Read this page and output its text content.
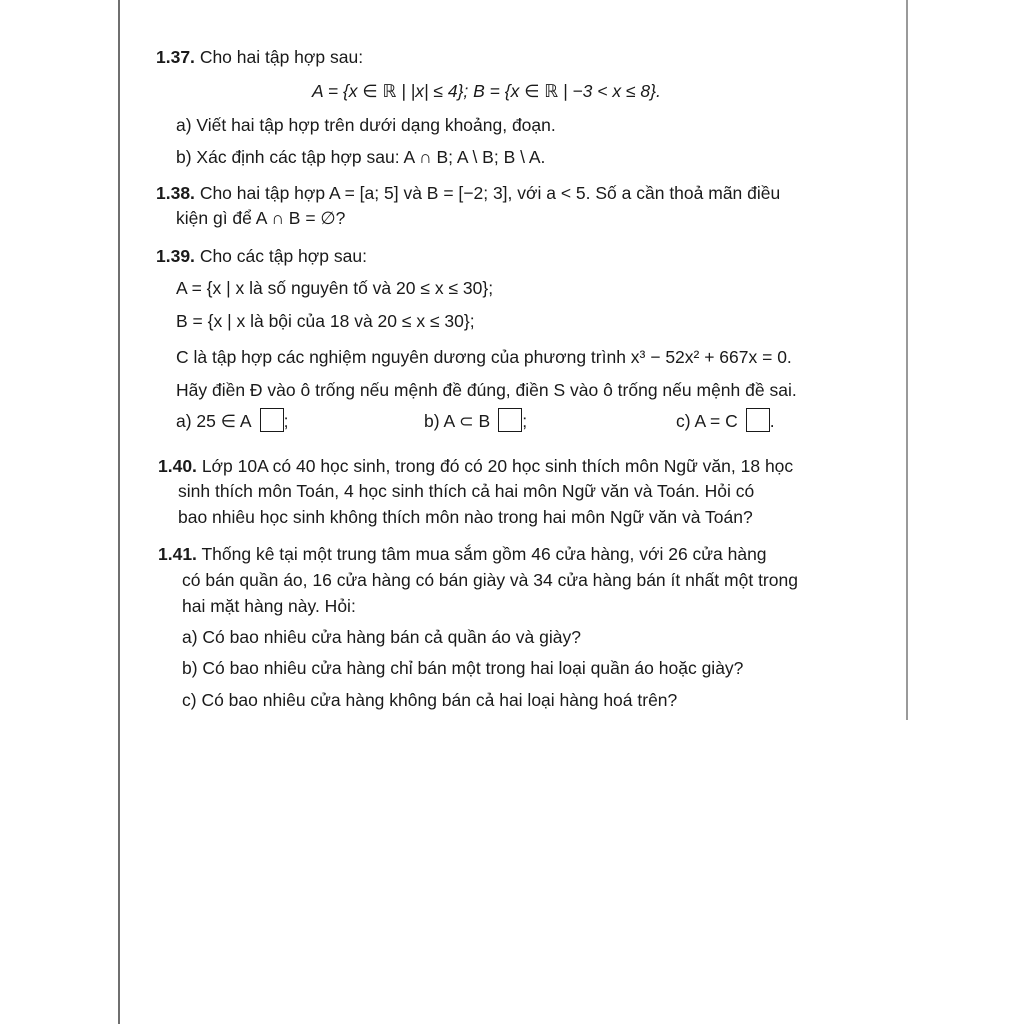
1.37. Cho hai tập hợp sau:
A = {x ∈ ℝ | |x| ≤ 4}; B = {x ∈ ℝ | −3 < x ≤ 8}.
a) Viết hai tập hợp trên dưới dạng khoảng, đoạn.
b) Xác định các tập hợp sau: A ∩ B; A \ B; B \ A.
1.38. Cho hai tập hợp A = [a; 5] và B = [−2; 3], với a < 5. Số a cần thoả mãn điều
kiện gì để A ∩ B = ∅?
1.39. Cho các tập hợp sau:
A = {x | x là số nguyên tố và 20 ≤ x ≤ 30};
B = {x | x là bội của 18 và 20 ≤ x ≤ 30};
C là tập hợp các nghiệm nguyên dương của phương trình x³ − 52x² + 667x = 0.
Hãy điền Đ vào ô trống nếu mệnh đề đúng, điền S vào ô trống nếu mệnh đề sai.
a) 25 ∈ A ;	b) A ⊂ B ;	c) A = C .
1.40. Lớp 10A có 40 học sinh, trong đó có 20 học sinh thích môn Ngữ văn, 18 học
sinh thích môn Toán, 4 học sinh thích cả hai môn Ngữ văn và Toán. Hỏi có
bao nhiêu học sinh không thích môn nào trong hai môn Ngữ văn và Toán?
1.41. Thống kê tại một trung tâm mua sắm gồm 46 cửa hàng, với 26 cửa hàng
có bán quần áo, 16 cửa hàng có bán giày và 34 cửa hàng bán ít nhất một trong
hai mặt hàng này. Hỏi:
a) Có bao nhiêu cửa hàng bán cả quần áo và giày?
b) Có bao nhiêu cửa hàng chỉ bán một trong hai loại quần áo hoặc giày?
c) Có bao nhiêu cửa hàng không bán cả hai loại hàng hoá trên?
